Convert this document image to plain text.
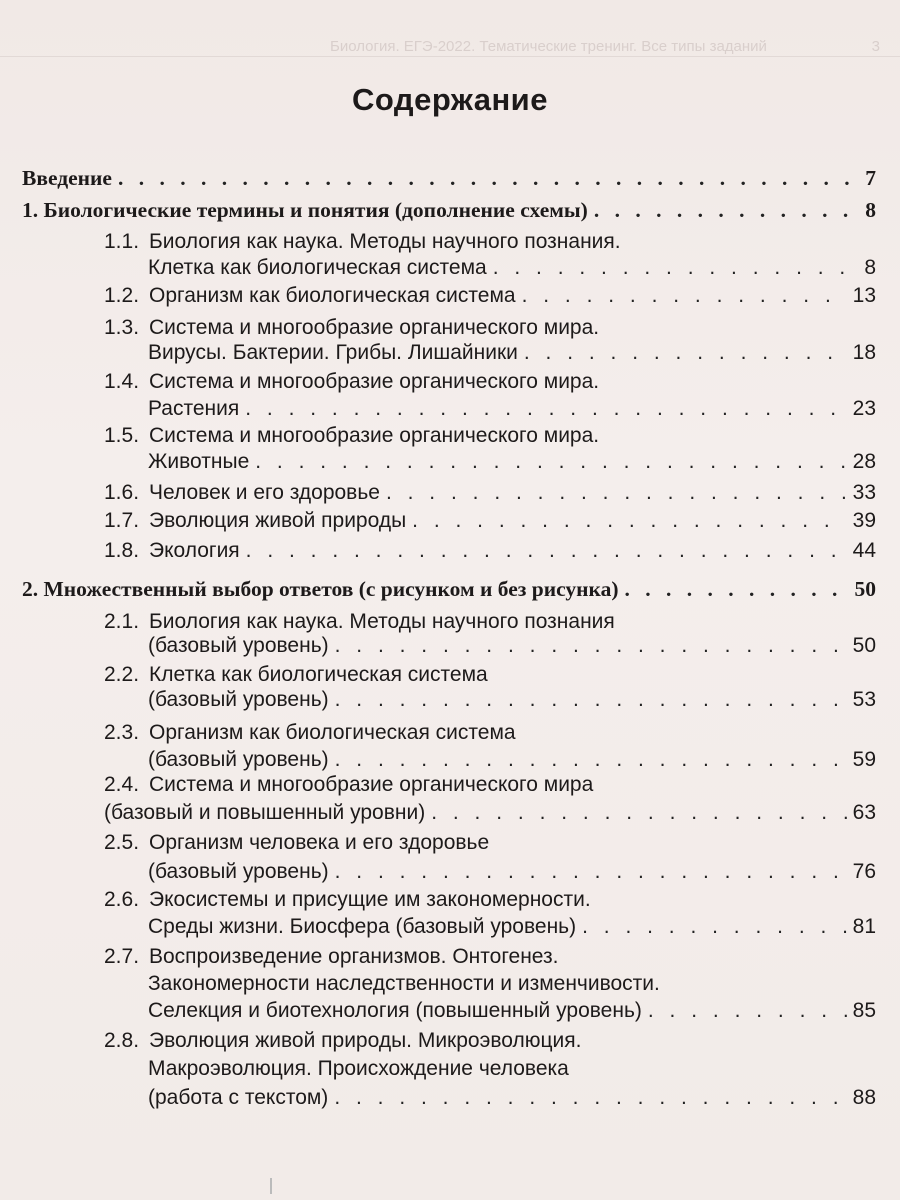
Биология. ЕГЭ-2022. Тематические тренинг. Все типы заданий	3
Содержание
Введение . . .	7
1. Биологические термины и понятия (дополнение схемы) . . .	8
1.1. Биология как наука. Методы научного познания.
Клетка как биологическая система . . .	8
1.2. Организм как биологическая система . . .	13
1.3. Система и многообразие органического мира.
Вирусы. Бактерии. Грибы. Лишайники . . .	18
1.4. Система и многообразие органического мира.
Растения . . .	23
1.5. Система и многообразие органического мира.
Животные . . .	28
1.6. Человек и его здоровье . . .	33
1.7. Эволюция живой природы . . .	39
1.8. Экология . . .	44
2. Множественный выбор ответов (с рисунком и без рисунка) . . .	50
2.1. Биология как наука. Методы научного познания
(базовый уровень) . . .	50
2.2. Клетка как биологическая система
(базовый уровень) . . .	53
2.3. Организм как биологическая система
(базовый уровень) . . .	59
2.4. Система и многообразие органического мира
(базовый и повышенный уровни) . . .	63
2.5. Организм человека и его здоровье
(базовый уровень) . . .	76
2.6. Экосистемы и присущие им закономерности.
Среды жизни. Биосфера (базовый уровень) . . .	81
2.7. Воспроизведение организмов. Онтогенез.
Закономерности наследственности и изменчивости.
Селекция и биотехнология (повышенный уровень) . . .	85
2.8. Эволюция живой природы. Микроэволюция.
Макроэволюция. Происхождение человека
(работа с текстом) . . .	88
